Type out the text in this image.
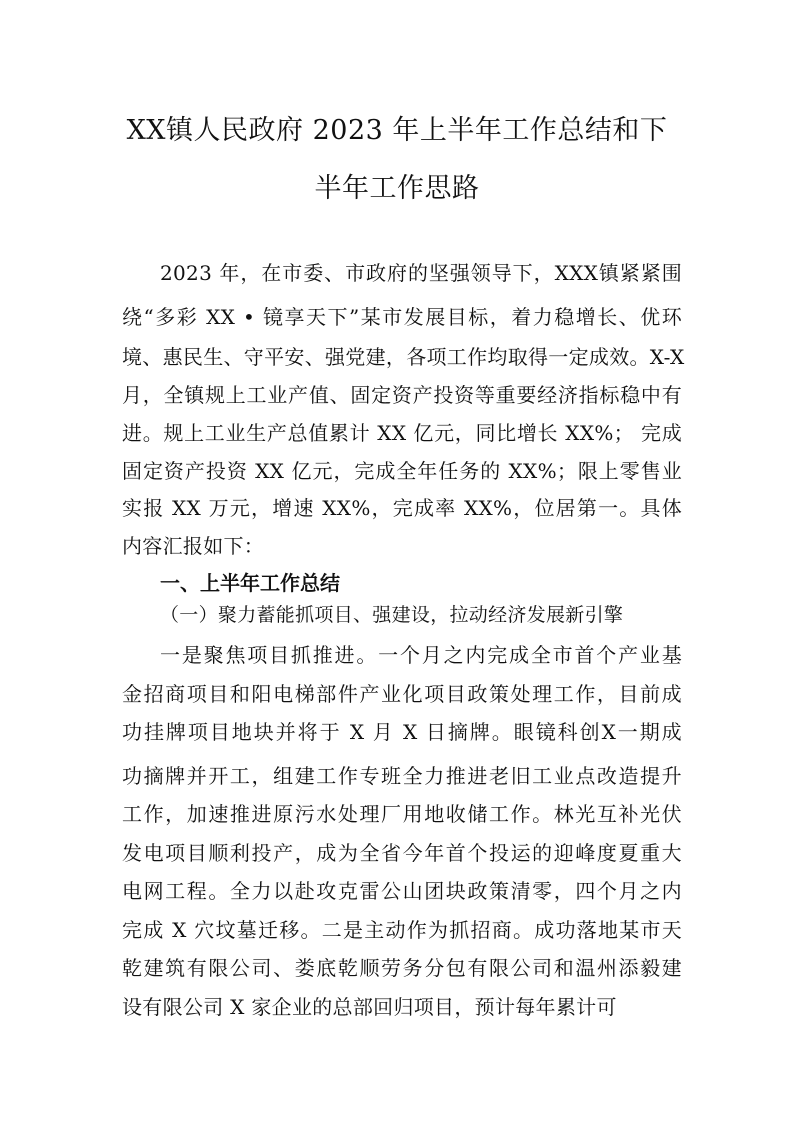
XX镇人民政府 2023 年上半年工作总结和下
半年工作思路
2023 年，在市委、市政府的坚强领导下，XXX镇紧紧围
绕“多彩 XX • 镜享天下”某市发展目标，着力稳增长、优环
境、惠民生、守平安、强党建，各项工作均取得一定成效。X-X
月，全镇规上工业产值、固定资产投资等重要经济指标稳中有
进。规上工业生产总值累计 XX 亿元，同比增长 XX%； 完成
固定资产投资 XX 亿元，完成全年任务的 XX%；限上零售业
实报 XX 万元，增速 XX%，完成率 XX%，位居第一。具体
内容汇报如下：
一、上半年工作总结
（一）聚力蓄能抓项目、强建设，拉动经济发展新引擎
一是聚焦项目抓推进。一个月之内完成全市首个产业基
金招商项目和阳电梯部件产业化项目政策处理工作，目前成
功挂牌项目地块并将于 X 月 X 日摘牌。眼镜科创X一期成
功摘牌并开工，组建工作专班全力推进老旧工业点改造提升
工作，加速推进原污水处理厂用地收储工作。林光互补光伏
发电项目顺利投产，成为全省今年首个投运的迎峰度夏重大
电网工程。全力以赴攻克雷公山团块政策清零，四个月之内
完成 X 穴坟墓迁移。二是主动作为抓招商。成功落地某市天
乾建筑有限公司、娄底乾顺劳务分包有限公司和温州添毅建
设有限公司 X 家企业的总部回归项目，预计每年累计可
